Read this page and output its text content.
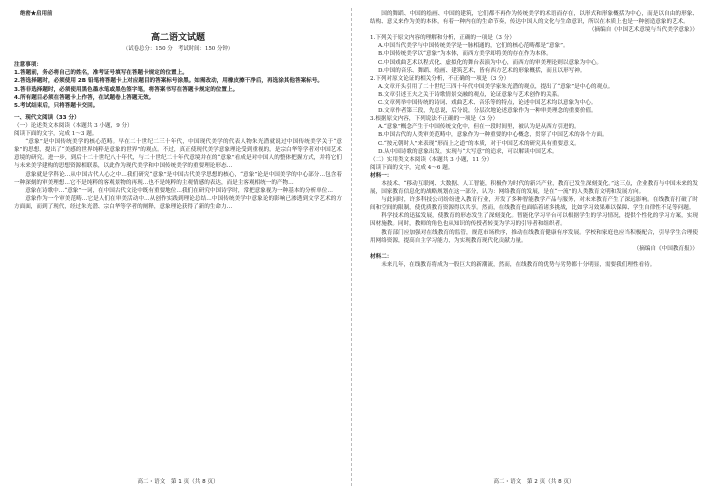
绝密★启用前
高二语文试题
（试卷总分：150 分　考试时间：150 分钟）
注意事项：

1.答题前，务必将自己的姓名，准考证号填写在答题卡规定的位置上。

2.答选择题时，必须使用 2B 铅笔将答题卡上对应题目的答案标号涂黑。如需改动，用橡皮擦干净后，再选涂其他答案标号。

3.答非选择题时，必须使用黑色墨水笔或黑色签字笔，将答案书写在答题卡规定的位置上。

4.所有题目必须在答题卡上作答，在试题卷上答题无效。

5.考试结束后，只将答题卡交回。

一、现代文阅读（33 分）

（一）论述类文本阅读（本题共 3 小题，9 分）

阅读下面的文字，完成 1～3 题。

“意象”是中国传统美学的核心范畴。早在二十世纪二三十年代，中国现代美学的代表人物朱光潜就说过中国传统美学关于“意象”的思想，提出了“美感的世界纯粹是意象的世界”的观点。不过，真正使现代美学意象理论受到重视的，是宗白华等学者对中国艺术意境的研究。进一步，到后十二十世纪八十年代，与二十世纪二十年代意境并在的“意象”看成是对中国人的整体把握方式，并将它们与未来美学建构的思想资源相联系，以此作为现代美学和中国传统美学的重要理论形态…

意象就是学科论…从中国古代人心之中…我们研究“意象”是中国古代美学思想的核心，“意象”论是中国美学的中心部分…包含着一种深刻的审美理想…它不是纯粹的客观景物的再现…也不是纯粹的主观情感的表达，而是主客观相统一的产物…

意象在诗歌中…“意象”一词，在中国古代文论中既有重要地位…我们在研究中国诗学时，常把意象视为一种基本的分析单位…

意象作为一个审美范畴…它是人们在审美活动中…从创作实践到理论总结…中国传统美学中意象论的影响已渗透到文学艺术的方方面面，而到了现代，经过朱光潜、宗白华等学者的阐释，意象理论获得了新的生命力…

国的舞蹈、中国的绘画、中国的建筑，它们都不再作为传统美学的术语而存在，以形式和形象概括为中心，而是以自由的形象、结构、意义来作为美的本体，有着一种内在的生命节奏，传达中国人的文化与生命意识，所以在本质上也是一种创造意象的艺术。

（摘编自《中国艺术意境与当代美学意象》）

1.下列关于原文内容的理解和分析，正确的一项是（3 分）

A.中国当代美学与中国传统美学是一脉相通的，它们的核心范畴都是“意象”。

B.中国传统美学以“意象”为本体，而西方美学却将美的存在作为本体。

C.中国戏曲艺术以程式化、虚拟化的舞台表演为中心，而西方的审美理论则以意象为中心。

D.中国的音乐、舞蹈、绘画、建筑艺术，皆有西方艺术的形象概括，而且以形写神。

2.下列对原文论证的相关分析，不正确的一项是（3 分）

A.文章开头引用了二十世纪三四十年代中国美学家朱光潜的观点，提出了“意象”是中心的观点。

B.文章引述王夫之关于诗歌情景交融的观点，论证意象与艺术创作的关系。

C.文章列举中国传统的诗词、戏曲艺术、音乐等的特点，论述中国艺术均以意象为中心。

D.文章作者第三段，先总说，后分说，分层次地论述意象作为一种审美理念的重要价值。

3.根据原文内容，下列说法不正确的一项是（3 分）

A.“意象”概念产生于中国传统文化中，但在一段时间里，被认为是从西方引进的。

B.中国古代的人类审美范畴中，意象作为一种重要的中心概念，贯穿了中国艺术的各个方面。

C.“按元朝时人”来表现“形而上之道”的本质，对于中国艺术的研究具有重要意义。

D.从中国诗歌的意象出发，实现与“大写意”的追求，可以解读中国艺术。

（二）实用类文本阅读（本题共 3 小题，11 分）

阅读下面的文字，完成 4～6 题。

材料一：

本技术、“移动互联网、大数据、人工智能，积极作为时代的新兴产业，教育已发生深刻变化。”这三点，企业教育与中国未来的发展，国家教育信息化的战略规划在这一部分，认为：网络教育的发展，是在“一流”的人类教育文明和发展方向。

与此同时，许多科技公司纷纷进入教育行业，开发了多种智能教学产品与服务，对未来教育产生了深远影响。在线教育打破了时间和空间的限制，使优质教育资源得以共享。然而，在线教育也面临着诸多挑战，比如学习效果难以保障、学生自律性不足等问题。

科学技术的迅猛发展，使教育的形态发生了深刻变化。智能化学习平台可以根据学生的学习情况，提供个性化的学习方案，实现因材施教。同时，教师的角色也从知识的传授者转变为学习的引导者和组织者。

教育部门应加强对在线教育的监管，规范市场秩序，推动在线教育健康有序发展。学校和家庭也应当积极配合，引导学生合理使用网络资源，提高自主学习能力，为实现教育现代化贡献力量。

（摘编自《中国教育报》）

材料二：

未来几年，在线教育将成为一股巨大的新潮流，然而，在线教育的优势与劣势都十分明显，需要我们理性看待。

高二・语文　第 1 页（共 8 页）	高二・语文　第 2 页（共 8 页）
